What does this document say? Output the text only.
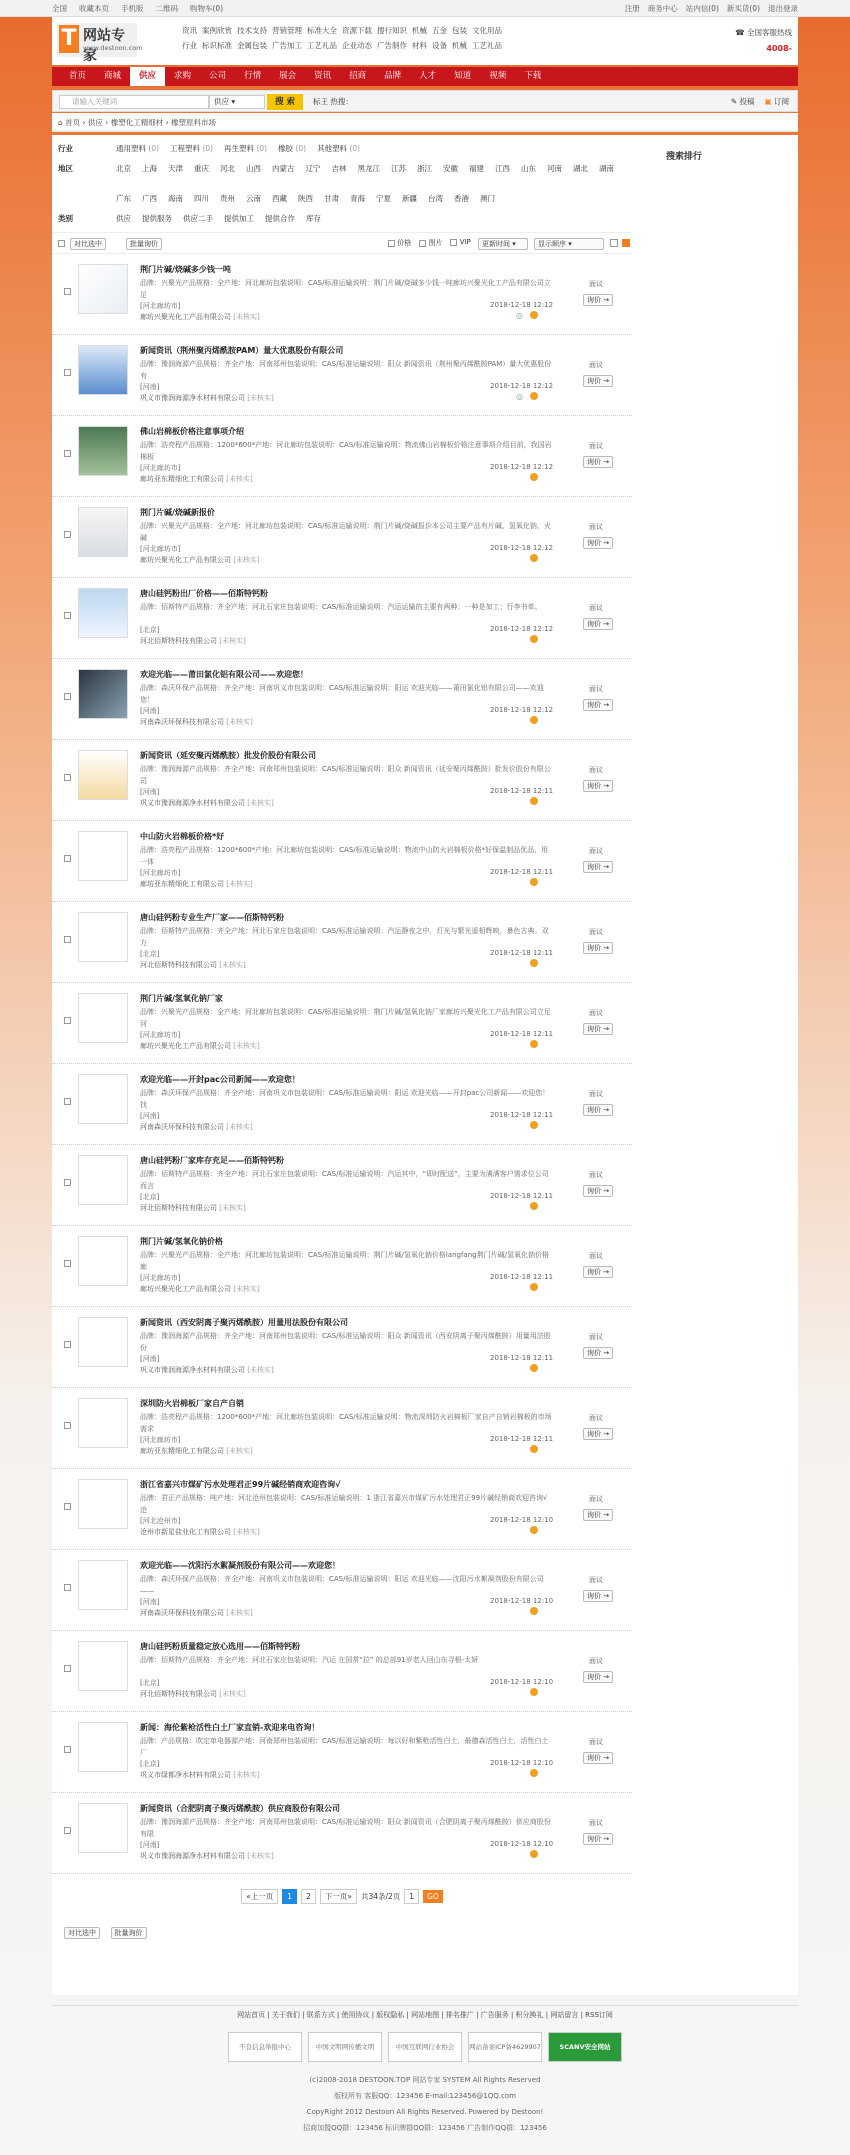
全国 收藏本页 手机版 二维码 购物车(0)	注册 商务中心 站内信(0) 新买货(0) 退出登录
T 网站专家
www.destoon.com
资讯 案例欣赏 技术支持 营销管理 标准大全 资源下载 搜行知识 机械 五金 包装 文化用品
行业 标识标准 金属包装 广告加工 工艺礼品 企业动态 广告制作 材料 设备 机械 工艺礼品
☎ 全国客服热线
4008-
首页	商城	供应	求购	公司	行情	展会	资讯	招商	品牌	人才	知道	视频	下载
请输入关键词	供应 ▾	搜 索	标王 热搜：	✎ 投稿 ▣ 订阅
⌂ 首页 › 供应 › 橡塑化工精细材 › 橡塑原料市场
行业	通用塑料 (0) 工程塑料 (0) 再生塑料 (0) 橡胶 (0) 其他塑料 (0)
地区	北京 上海 天津 重庆 河北 山西 内蒙古 辽宁 吉林 黑龙江 江苏 浙江 安徽 福建 江西 山东 河南 湖北 湖南
广东 广西 海南 四川 贵州 云南 西藏 陕西 甘肃 青海 宁夏 新疆 台湾 香港 澳门
类别	供应 提供服务 供应二手 提供加工 提供合作 库存
对比选中	批量询价	价格	图片	VIP	更新时间 ▾	显示顺序 ▾
荆门片碱/烧碱多少钱一吨
品牌：兴聚光产品规格：全产地：河北廊坊包装说明：CAS/标准运输说明：荆门片碱/烧碱多少钱一吨廊坊兴聚光化工产品有限公司立足
[河北廊坊市]
廊坊兴聚光化工产品有限公司 [未核实]
2018-12-18 12:12
◎
面议
询价 →
新闻资讯（荆州聚丙烯酰胺PAM）量大优惠股份有限公司
品牌：豫润海源产品规格：齐全产地：河南郑州包装说明：CAS/标准运输说明：阳众 新闻资讯（荆州聚丙烯酰胺PAM）量大优惠股份有
[河南]
巩义市豫润海源净水材料有限公司 [未核实]
2018-12-18 12:12
◎
面议
询价 →
佛山岩棉板价格注意事项介绍
品牌：浩亮程产品规格：1200*600*产地：河北廊坊包装说明：CAS/标准运输说明：物流佛山岩棉板价格注意事项介绍目前，我国岩棉板
[河北廊坊市]
廊坊亚东精细化工有限公司 [未核实]
2018-12-18 12:12
面议
询价 →
荆门片碱/烧碱新报价
品牌：兴聚光产品规格：全产地：河北廊坊包装说明：CAS/标准运输说明：荆门片碱/烧碱报价本公司主要产品有片碱、氢氧化钠、火碱
[河北廊坊市]
廊坊兴聚光化工产品有限公司 [未核实]
2018-12-18 12:12
面议
询价 →
唐山硅钙粉出厂价格——佰斯特钙粉
品牌：佰斯特产品规格：齐全产地：河北石家庄包装说明：CAS/标准运输说明：汽运运输的主要有两种：一种是加工；行李书单。
[北京]
河北佰斯特科技有限公司 [未核实]
2018-12-18 12:12
面议
询价 →
欢迎光临——莆田氯化铝有限公司——欢迎您！
品牌：森沃环保产品规格：齐全产地：河南巩义市包装说明：CAS/标准运输说明：阳运 欢迎光临——莆田氯化铝有限公司——欢迎您！
[河南]
河南森沃环保科技有限公司 [未核实]
2018-12-18 12:12
面议
询价 →
新闻资讯（延安聚丙烯酰胺）批发价股份有限公司
品牌：豫润海源产品规格：齐全产地：河南郑州包装说明：CAS/标准运输说明：阳众 新闻资讯（延安聚丙烯酰胺）批发价股份有限公司
[河南]
巩义市豫润海源净水材料有限公司 [未核实]
2018-12-18 12:11
面议
询价 →
中山防火岩棉板价格*好
品牌：浩亮程产品规格：1200*600*产地：河北廊坊包装说明：CAS/标准运输说明：物流中山防火岩棉板价格*好保温制品优品，用一体
[河北廊坊市]
廊坊亚东精细化工有限公司 [未核实]
2018-12-18 12:11
面议
询价 →
唐山硅钙粉专业生产厂家——佰斯特钙粉
品牌：佰斯特产品规格：齐全产地：河北石家庄包装说明：CAS/标准运输说明：汽运静夜之中，灯光与繁光遥相辉映，暴色古典。双方
[北京]
河北佰斯特科技有限公司 [未核实]
2018-12-18 12:11
面议
询价 →
荆门片碱/氢氧化钠厂家
品牌：兴聚光产品规格：全产地：河北廊坊包装说明：CAS/标准运输说明：荆门片碱/氢氧化钠厂家廊坊兴聚光化工产品有限公司立足河
[河北廊坊市]
廊坊兴聚光化工产品有限公司 [未核实]
2018-12-18 12:11
面议
询价 →
欢迎光临——开封pac公司新闻——欢迎您！
品牌：森沃环保产品规格：齐全产地：河南巩义市包装说明：CAS/标准运输说明：阳运 欢迎光临——开封pac公司新闻——欢迎您！找
[河南]
河南森沃环保科技有限公司 [未核实]
2018-12-18 12:11
面议
询价 →
唐山硅钙粉厂家库存充足——佰斯特钙粉
品牌：佰斯特产品规格：齐全产地：河北石家庄包装说明：CAS/标准运输说明：汽运其中，“即时配送”，主要为满满客户需求位公司而言
[北京]
河北佰斯特科技有限公司 [未核实]
2018-12-18 12:11
面议
询价 →
荆门片碱/氢氧化钠价格
品牌：兴聚光产品规格：全产地：河北廊坊包装说明：CAS/标准运输说明：荆门片碱/氢氧化钠价格langfang荆门片碱/氢氧化钠价格廊
[河北廊坊市]
廊坊兴聚光化工产品有限公司 [未核实]
2018-12-18 12:11
面议
询价 →
新闻资讯（西安阴离子聚丙烯酰胺）用量用法股份有限公司
品牌：豫润海源产品规格：齐全产地：河南郑州包装说明：CAS/标准运输说明：阳众 新闻资讯（西安阴离子聚丙烯酰胺）用量用法股份
[河南]
巩义市豫润海源净水材料有限公司 [未核实]
2018-12-18 12:11
面议
询价 →
深圳防火岩棉板厂家自产自销
品牌：浩亮程产品规格：1200*600*产地：河北廊坊包装说明：CAS/标准运输说明：物流深圳防火岩棉板厂家自产自销岩棉板的市场需求
[河北廊坊市]
廊坊亚东精细化工有限公司 [未核实]
2018-12-18 12:11
面议
询价 →
浙江省嘉兴市煤矿污水处理君正99片碱经销商欢迎咨询√
品牌：君正产品规格：吨产地：河北沧州包装说明：CAS/标准运输说明：1 浙江省嘉兴市煤矿污水处理君正99片碱经销商欢迎咨询√ 沧
[河北沧州市]
沧州市新星盐业化工有限公司 [未核实]
2018-12-18 12:10
面议
询价 →
欢迎光临——沈阳污水絮凝剂股份有限公司——欢迎您！
品牌：森沃环保产品规格：齐全产地：河南巩义市包装说明：CAS/标准运输说明：阳运 欢迎光临——沈阳污水絮凝剂股份有限公司——
[河南]
河南森沃环保科技有限公司 [未核实]
2018-12-18 12:10
面议
询价 →
唐山硅钙粉质量稳定放心选用——佰斯特钙粉
品牌：佰斯特产品规格：齐全产地：河北石家庄包装说明：汽运 在国常“拉” 的总部91岁老人回山东寻根-太妍
[北京]
河北佰斯特科技有限公司 [未核实]
2018-12-18 12:10
面议
询价 →
新闻：海伦紫枪活性白土厂家直销-欢迎来电咨询！
品牌：产品规格：吹定单电器源产地：河南郑州包装说明：CAS/标准运输说明：每以好和紫枪活性白土，最德森活性白土，活性白土厂
[北京]
巩义市绿都净水材料有限公司 [未核实]
2018-12-18 12:10
面议
询价 →
新闻资讯（合肥阴离子聚丙烯酰胺）供应商股份有限公司
品牌：豫润海源产品规格：齐全产地：河南郑州包装说明：CAS/标准运输说明：阳众 新闻资讯（合肥阴离子聚丙烯酰胺）供应商股份有限
[河南]
巩义市豫润海源净水材料有限公司 [未核实]
2018-12-18 12:10
面议
询价 →
«上一页	1	2	下一页»	共34条/2页	1	GO
对比选中	批量询价
搜索排行
网站首页 | 关于我们 | 联系方式 | 使用协议 | 版权隐私 | 网站地图 | 排名推广 | 广告服务 | 积分换礼 | 网站留言 | RSS订阅
不良信息举报中心	中国文明网传播文明	中国互联网行业协会	网站备案ICP备4629907	SCANV安全网站
(c)2008-2018 DESTOON.TOP 网站专家 SYSTEM All Rights Reserved
版权所有 客服QQ：123456 E-mail:123456@1QQ.com
CopyRight 2012 Destoon All Rights Reserved. Powered by Destoon!
招商加盟QQ群：123456 标识牌群QQ群：123456 广告制作QQ群：123456
